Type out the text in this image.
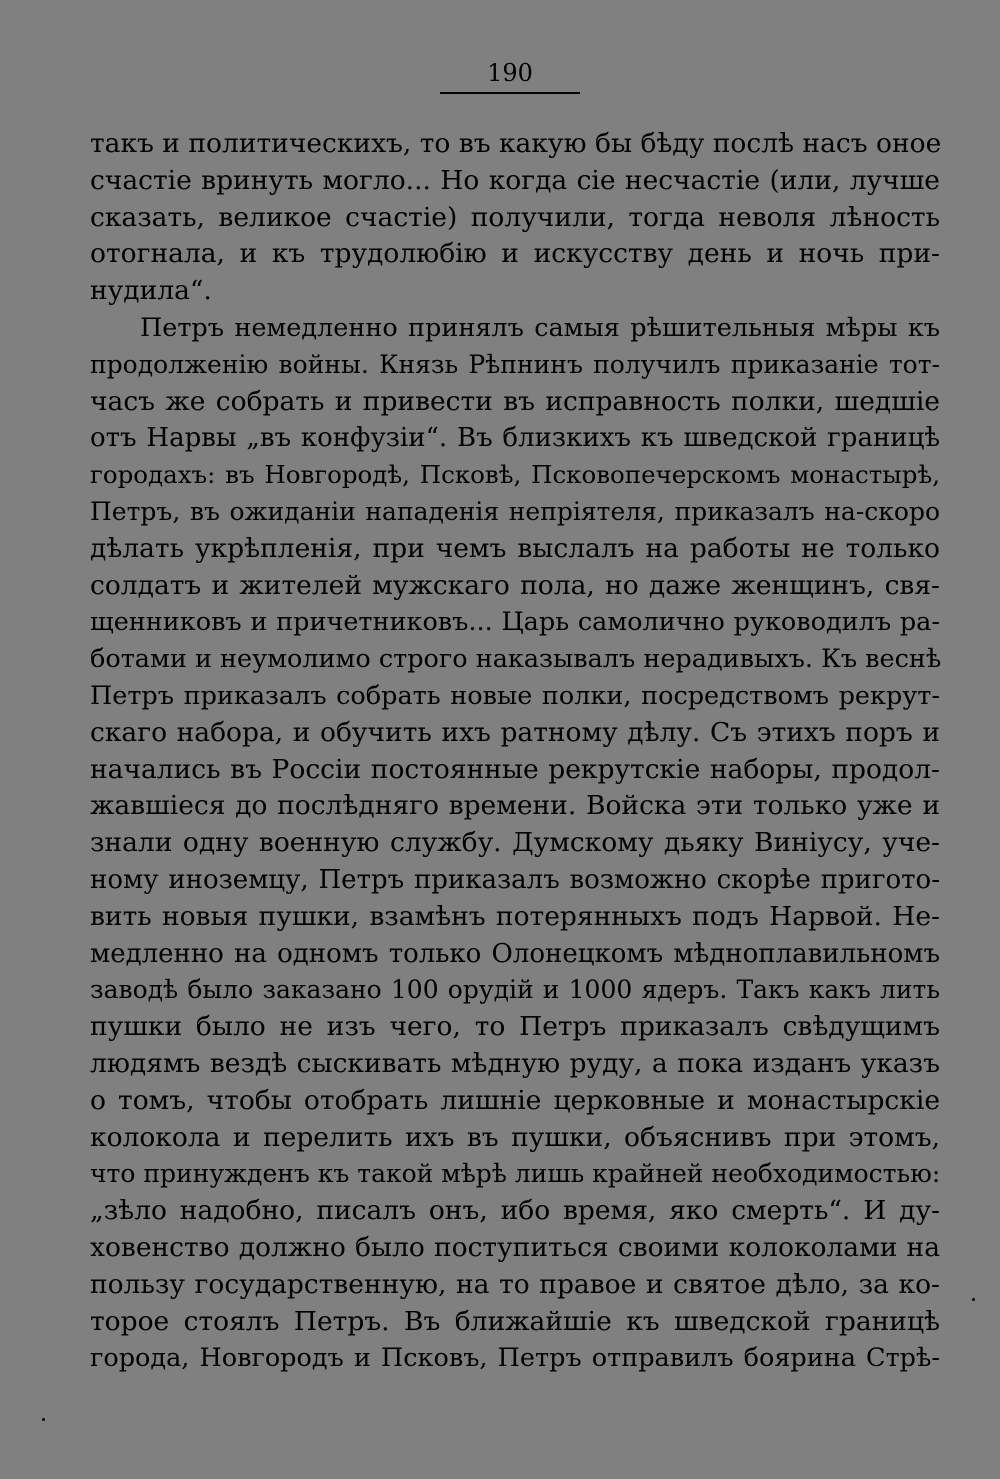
190
такъ и политическихъ, то въ какую бы бѣду послѣ насъ оное
счастіе вринуть могло... Но когда сіе несчастіе (или, лучше
сказать, великое счастіе) получили, тогда неволя лѣность
отогнала, и къ трудолюбію и искусству день и ночь при-
нудила“.
Петръ немедленно принялъ самыя рѣшительныя мѣры къ
продолженію войны. Князь Рѣпнинъ получилъ приказаніе тот-
часъ же собрать и привести въ исправность полки, шедшіе
отъ Нарвы „въ конфузіи“. Въ близкихъ къ шведской границѣ
городахъ: въ Новгородѣ, Псковѣ, Псковопечерскомъ монастырѣ,
Петръ, въ ожиданіи нападенія непріятеля, приказалъ на-скоро
дѣлать укрѣпленія, при чемъ выслалъ на работы не только
солдатъ и жителей мужскаго пола, но даже женщинъ, свя-
щенниковъ и причетниковъ... Царь самолично руководилъ ра-
ботами и неумолимо строго наказывалъ нерадивыхъ. Къ веснѣ
Петръ приказалъ собрать новые полки, посредствомъ рекрут-
скаго набора, и обучить ихъ ратному дѣлу. Съ этихъ поръ и
начались въ Россіи постоянные рекрутскіе наборы, продол-
жавшіеся до послѣдняго времени. Войска эти только уже и
знали одну военную службу. Думскому дьяку Виніусу, уче-
ному иноземцу, Петръ приказалъ возможно скорѣе пригото-
вить новыя пушки, взамѣнъ потерянныхъ подъ Нарвой. Не-
медленно на одномъ только Олонецкомъ мѣдноплавильномъ
заводѣ было заказано 100 орудій и 1000 ядеръ. Такъ какъ лить
пушки было не изъ чего, то Петръ приказалъ свѣдущимъ
людямъ вездѣ сыскивать мѣдную руду, а пока изданъ указъ
о томъ, чтобы отобрать лишніе церковные и монастырскіе
колокола и перелить ихъ въ пушки, объяснивъ при этомъ,
что принужденъ къ такой мѣрѣ лишь крайней необходимостью:
„зѣло надобно, писалъ онъ, ибо время, яко смерть“. И ду-
ховенство должно было поступиться своими колоколами на
пользу государственную, на то правое и святое дѣло, за ко-
торое стоялъ Петръ. Въ ближайшіе къ шведской границѣ
города, Новгородъ и Псковъ, Петръ отправилъ боярина Стрѣ-
